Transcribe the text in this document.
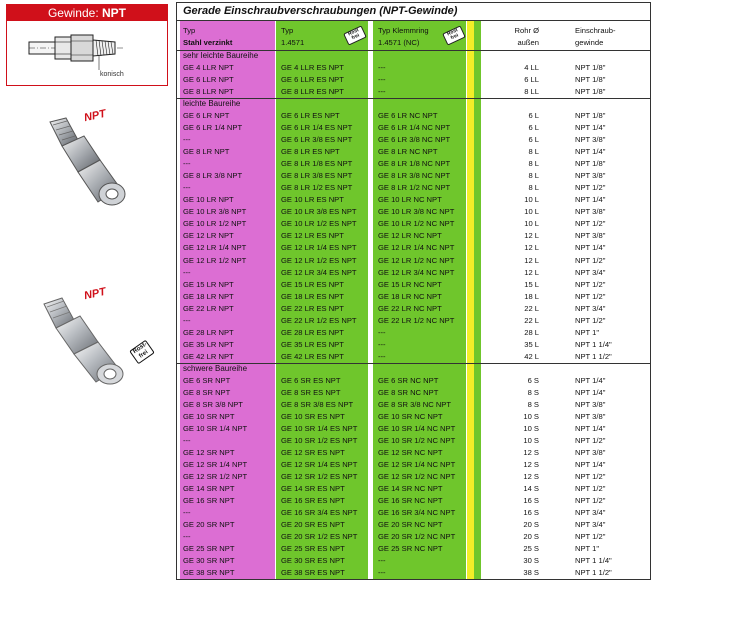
Gewinde: NPT
konisch
NPT
NPT
Rost-frei
Gerade Einschraubverschraubungen (NPT-Gewinde)
Typ	Typ	Typ Klemmring	Rohr Ø	Einschraub-
Stahl verzinkt	1.4571	1.4571 (NC)	außen	gewinde
Rost frei	Rost frei
sehr leichte Baureihe
GE 4 LLR NPT	GE 4 LLR ES NPT	---	4 LL	NPT 1/8"
GE 6 LLR NPT	GE 6 LLR ES NPT	---	6 LL	NPT 1/8"
GE 8 LLR NPT	GE 8 LLR ES NPT	---	8 LL	NPT 1/8"
leichte Baureihe
GE 6 LR NPT	GE 6 LR ES NPT	GE 6 LR NC NPT	6 L	NPT 1/8"
GE 6 LR 1/4 NPT	GE 6 LR 1/4 ES NPT	GE 6 LR 1/4 NC NPT	6 L	NPT 1/4"
---	GE 6 LR 3/8 ES NPT	GE 6 LR 3/8 NC NPT	6 L	NPT 3/8"
GE 8 LR NPT	GE 8 LR ES NPT	GE 8 LR NC NPT	8 L	NPT 1/4"
---	GE 8 LR 1/8 ES NPT	GE 8 LR 1/8 NC NPT	8 L	NPT 1/8"
GE 8 LR 3/8 NPT	GE 8 LR 3/8 ES NPT	GE 8 LR 3/8 NC NPT	8 L	NPT 3/8"
---	GE 8 LR 1/2 ES NPT	GE 8 LR 1/2 NC NPT	8 L	NPT 1/2"
GE 10 LR NPT	GE 10 LR ES NPT	GE 10 LR NC NPT	10 L	NPT 1/4"
GE 10 LR 3/8 NPT	GE 10 LR 3/8 ES NPT	GE 10 LR 3/8 NC NPT	10 L	NPT 3/8"
GE 10 LR 1/2 NPT	GE 10 LR 1/2 ES NPT	GE 10 LR 1/2 NC NPT	10 L	NPT 1/2"
GE 12 LR NPT	GE 12 LR ES NPT	GE 12 LR NC NPT	12 L	NPT 3/8"
GE 12 LR 1/4 NPT	GE 12 LR 1/4 ES NPT	GE 12 LR 1/4 NC NPT	12 L	NPT 1/4"
GE 12 LR 1/2 NPT	GE 12 LR 1/2 ES NPT	GE 12 LR 1/2 NC NPT	12 L	NPT 1/2"
---	GE 12 LR 3/4 ES NPT	GE 12 LR 3/4 NC NPT	12 L	NPT 3/4"
GE 15 LR NPT	GE 15 LR ES NPT	GE 15 LR NC NPT	15 L	NPT 1/2"
GE 18 LR NPT	GE 18 LR ES NPT	GE 18 LR NC NPT	18 L	NPT 1/2"
GE 22 LR NPT	GE 22 LR ES NPT	GE 22 LR NC NPT	22 L	NPT 3/4"
---	GE 22 LR 1/2 ES NPT	GE 22 LR 1/2 NC NPT	22 L	NPT 1/2"
GE 28 LR NPT	GE 28 LR ES NPT	---	28 L	NPT 1"
GE 35 LR NPT	GE 35 LR ES NPT	---	35 L	NPT 1 1/4"
GE 42 LR NPT	GE 42 LR ES NPT	---	42 L	NPT 1 1/2"
schwere Baureihe
GE 6 SR NPT	GE 6 SR ES NPT	GE 6 SR NC NPT	6 S	NPT 1/4"
GE 8 SR NPT	GE 8 SR ES NPT	GE 8 SR NC NPT	8 S	NPT 1/4"
GE 8 SR 3/8 NPT	GE 8 SR 3/8 ES NPT	GE 8 SR 3/8 NC NPT	8 S	NPT 3/8"
GE 10 SR NPT	GE 10 SR ES NPT	GE 10 SR NC NPT	10 S	NPT 3/8"
GE 10 SR 1/4 NPT	GE 10 SR 1/4 ES NPT	GE 10 SR 1/4 NC NPT	10 S	NPT 1/4"
---	GE 10 SR 1/2 ES NPT	GE 10 SR 1/2 NC NPT	10 S	NPT 1/2"
GE 12 SR NPT	GE 12 SR ES NPT	GE 12 SR NC NPT	12 S	NPT 3/8"
GE 12 SR 1/4 NPT	GE 12 SR 1/4 ES NPT	GE 12 SR 1/4 NC NPT	12 S	NPT 1/4"
GE 12 SR 1/2 NPT	GE 12 SR 1/2 ES NPT	GE 12 SR 1/2 NC NPT	12 S	NPT 1/2"
GE 14 SR NPT	GE 14 SR ES NPT	GE 14 SR NC NPT	14 S	NPT 1/2"
GE 16 SR NPT	GE 16 SR ES NPT	GE 16 SR NC NPT	16 S	NPT 1/2"
---	GE 16 SR 3/4 ES NPT	GE 16 SR 3/4 NC NPT	16 S	NPT 3/4"
GE 20 SR NPT	GE 20 SR ES NPT	GE 20 SR NC NPT	20 S	NPT 3/4"
---	GE 20 SR 1/2 ES NPT	GE 20 SR 1/2 NC NPT	20 S	NPT 1/2"
GE 25 SR NPT	GE 25 SR ES NPT	GE 25 SR NC NPT	25 S	NPT 1"
GE 30 SR NPT	GE 30 SR ES NPT	---	30 S	NPT 1 1/4"
GE 38 SR NPT	GE 38 SR ES NPT	---	38 S	NPT 1 1/2"
